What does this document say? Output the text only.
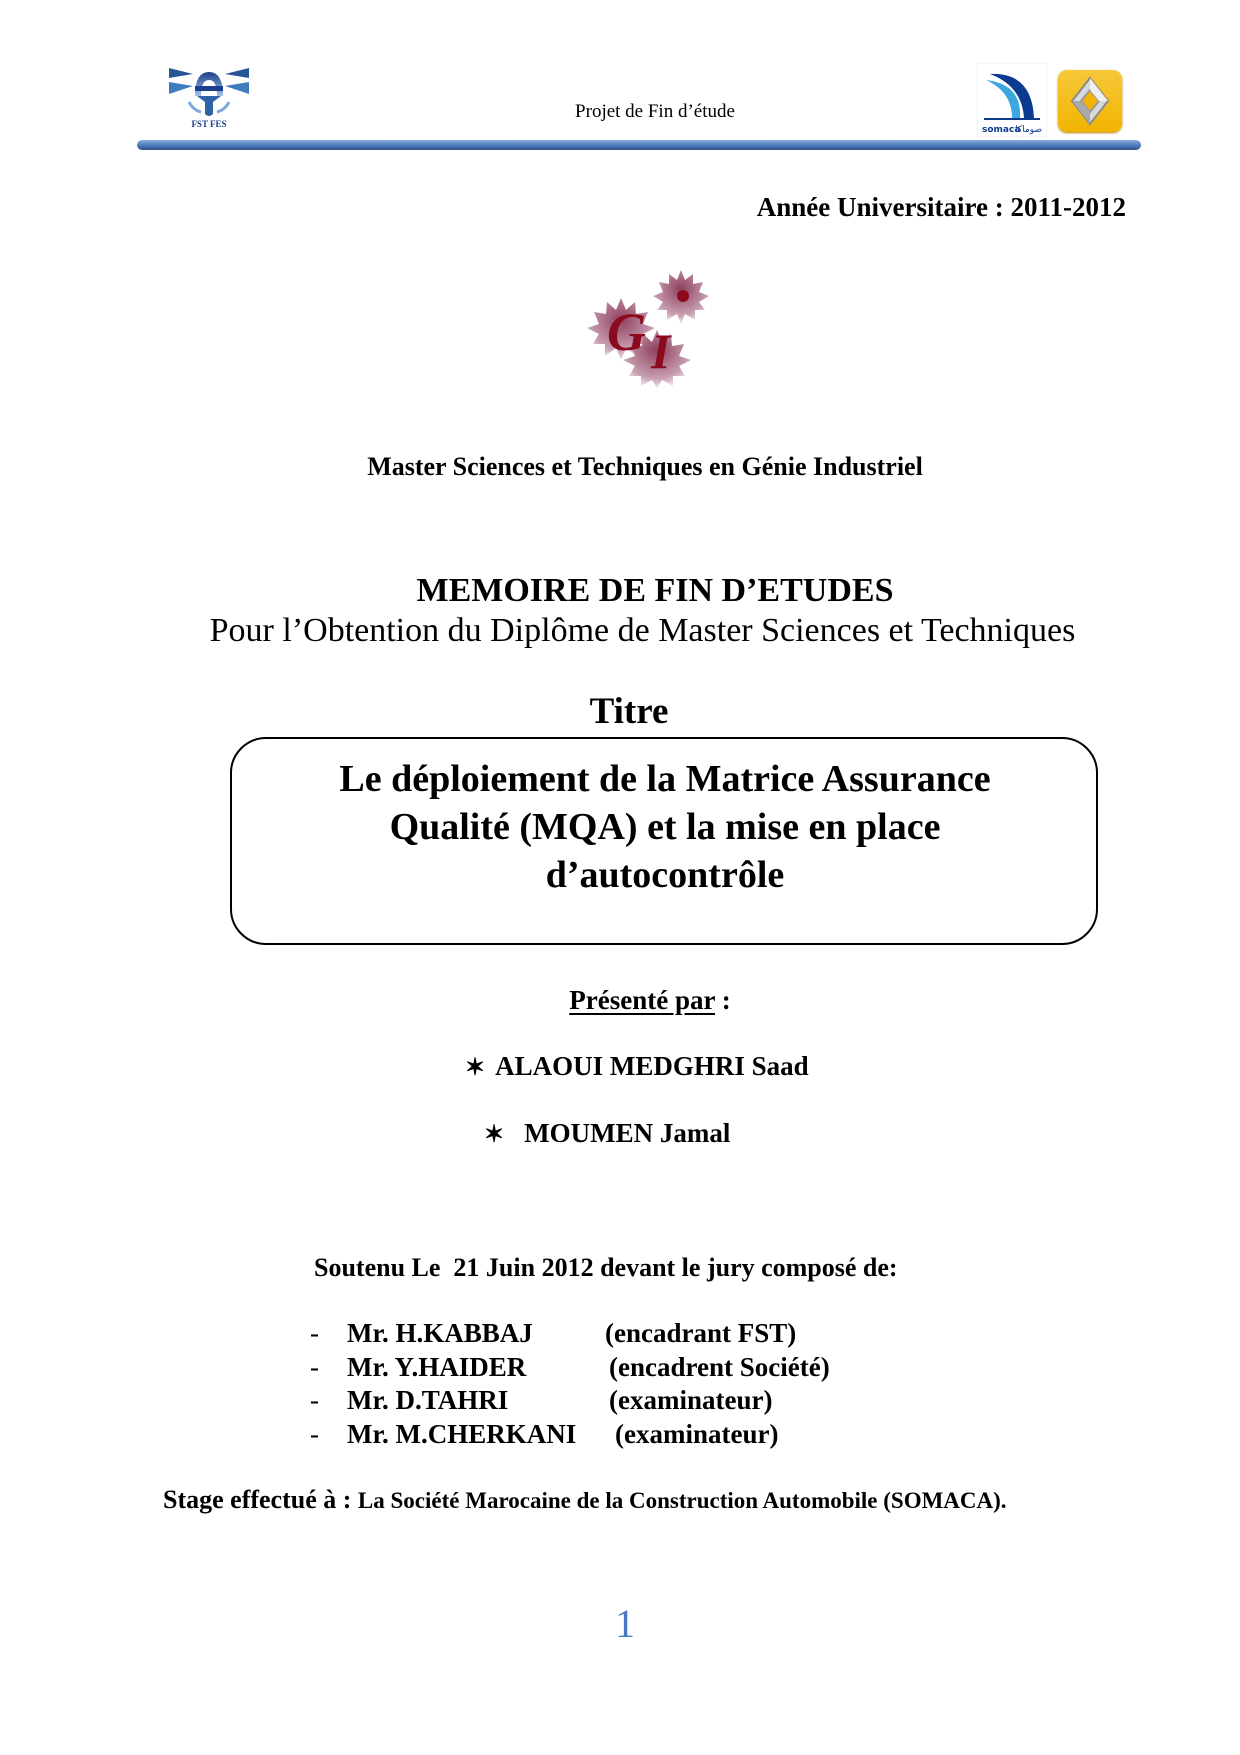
FST FES
Projet de Fin d’étude
somaca
صوماكا
Année Universitaire : 2011-2012
G I
Master Sciences et Techniques en Génie Industriel
MEMOIRE DE FIN D’ETUDES
Pour l’Obtention du Diplôme de Master Sciences et Techniques
Titre
Le déploiement de la Matrice Assurance
Qualité (MQA) et la mise en place
d’autocontrôle
Présenté par :
✶ ALAOUI MEDGHRI Saad
✶ MOUMEN Jamal
Soutenu Le  21 Juin 2012 devant le jury composé de:
- Mr. H.KABBAJ	(encadrant FST)
- Mr. Y.HAIDER	(encadrent Société)
- Mr. D.TAHRI	(examinateur)
- Mr. M.CHERKANI (examinateur)
Stage effectué à : La Société Marocaine de la Construction Automobile (SOMACA).
1
